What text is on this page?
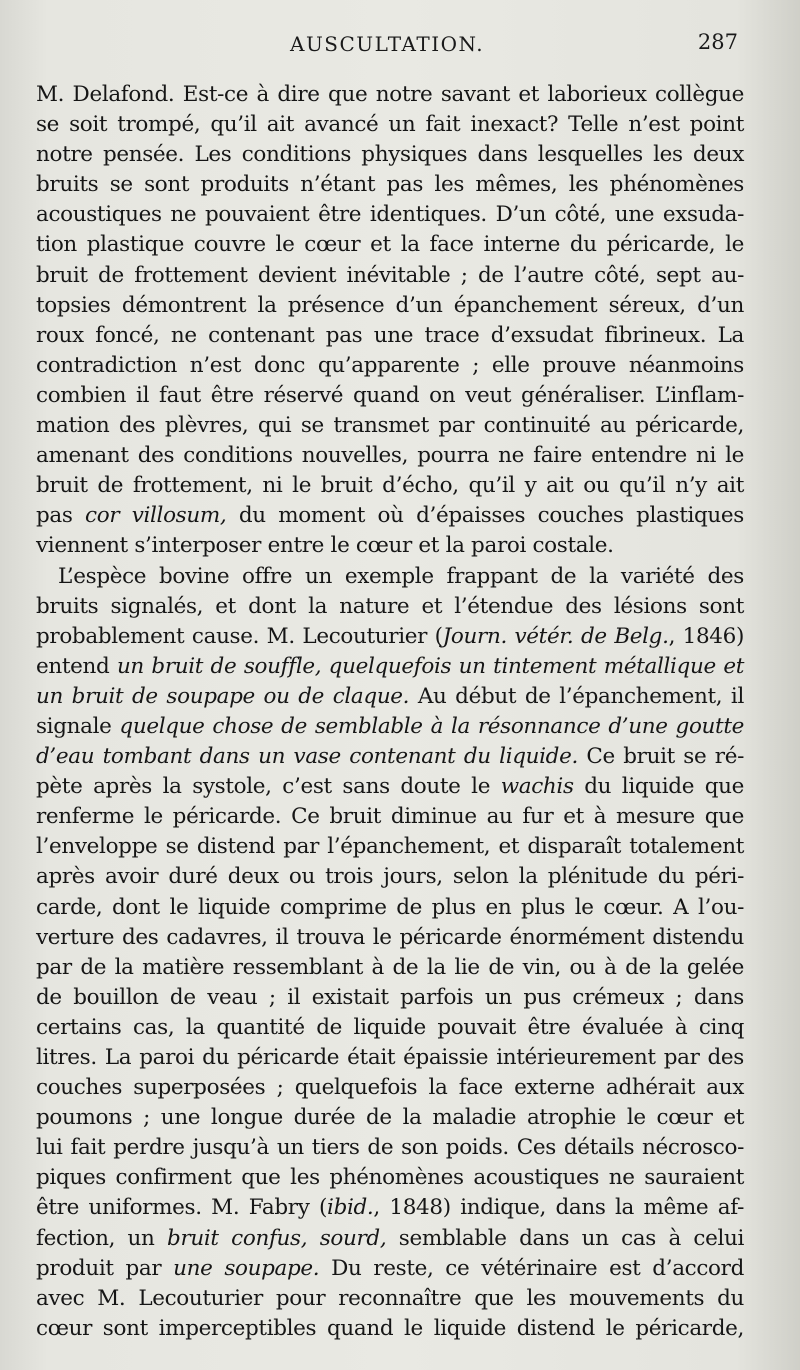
AUSCULTATION.	287
M. Delafond. Est-ce à dire que notre savant et laborieux collègue
se soit trompé, qu’il ait avancé un fait inexact? Telle n’est point
notre pensée. Les conditions physiques dans lesquelles les deux
bruits se sont produits n’étant pas les mêmes, les phénomènes
acoustiques ne pouvaient être identiques. D’un côté, une exsuda-
tion plastique couvre le cœur et la face interne du péricarde, le
bruit de frottement devient inévitable ; de l’autre côté, sept au-
topsies démontrent la présence d’un épanchement séreux, d’un
roux foncé, ne contenant pas une trace d’exsudat fibrineux. La
contradiction n’est donc qu’apparente ; elle prouve néanmoins
combien il faut être réservé quand on veut généraliser. L’inflam-
mation des plèvres, qui se transmet par continuité au péricarde,
amenant des conditions nouvelles, pourra ne faire entendre ni le
bruit de frottement, ni le bruit d’écho, qu’il y ait ou qu’il n’y ait
pas cor villosum, du moment où d’épaisses couches plastiques
viennent s’interposer entre le cœur et la paroi costale.
L’espèce bovine offre un exemple frappant de la variété des
bruits signalés, et dont la nature et l’étendue des lésions sont
probablement cause. M. Lecouturier (Journ. vétér. de Belg., 1846)
entend un bruit de souffle, quelquefois un tintement métallique et
un bruit de soupape ou de claque. Au début de l’épanchement, il
signale quelque chose de semblable à la résonnance d’une goutte
d’eau tombant dans un vase contenant du liquide. Ce bruit se ré-
pète après la systole, c’est sans doute le wachis du liquide que
renferme le péricarde. Ce bruit diminue au fur et à mesure que
l’enveloppe se distend par l’épanchement, et disparaît totalement
après avoir duré deux ou trois jours, selon la plénitude du péri-
carde, dont le liquide comprime de plus en plus le cœur. A l’ou-
verture des cadavres, il trouva le péricarde énormément distendu
par de la matière ressemblant à de la lie de vin, ou à de la gelée
de bouillon de veau ; il existait parfois un pus crémeux ; dans
certains cas, la quantité de liquide pouvait être évaluée à cinq
litres. La paroi du péricarde était épaissie intérieurement par des
couches superposées ; quelquefois la face externe adhérait aux
poumons ; une longue durée de la maladie atrophie le cœur et
lui fait perdre jusqu’à un tiers de son poids. Ces détails nécrosco-
piques confirment que les phénomènes acoustiques ne sauraient
être uniformes. M. Fabry (ibid., 1848) indique, dans la même af-
fection, un bruit confus, sourd, semblable dans un cas à celui
produit par une soupape. Du reste, ce vétérinaire est d’accord
avec M. Lecouturier pour reconnaître que les mouvements du
cœur sont imperceptibles quand le liquide distend le péricarde,
